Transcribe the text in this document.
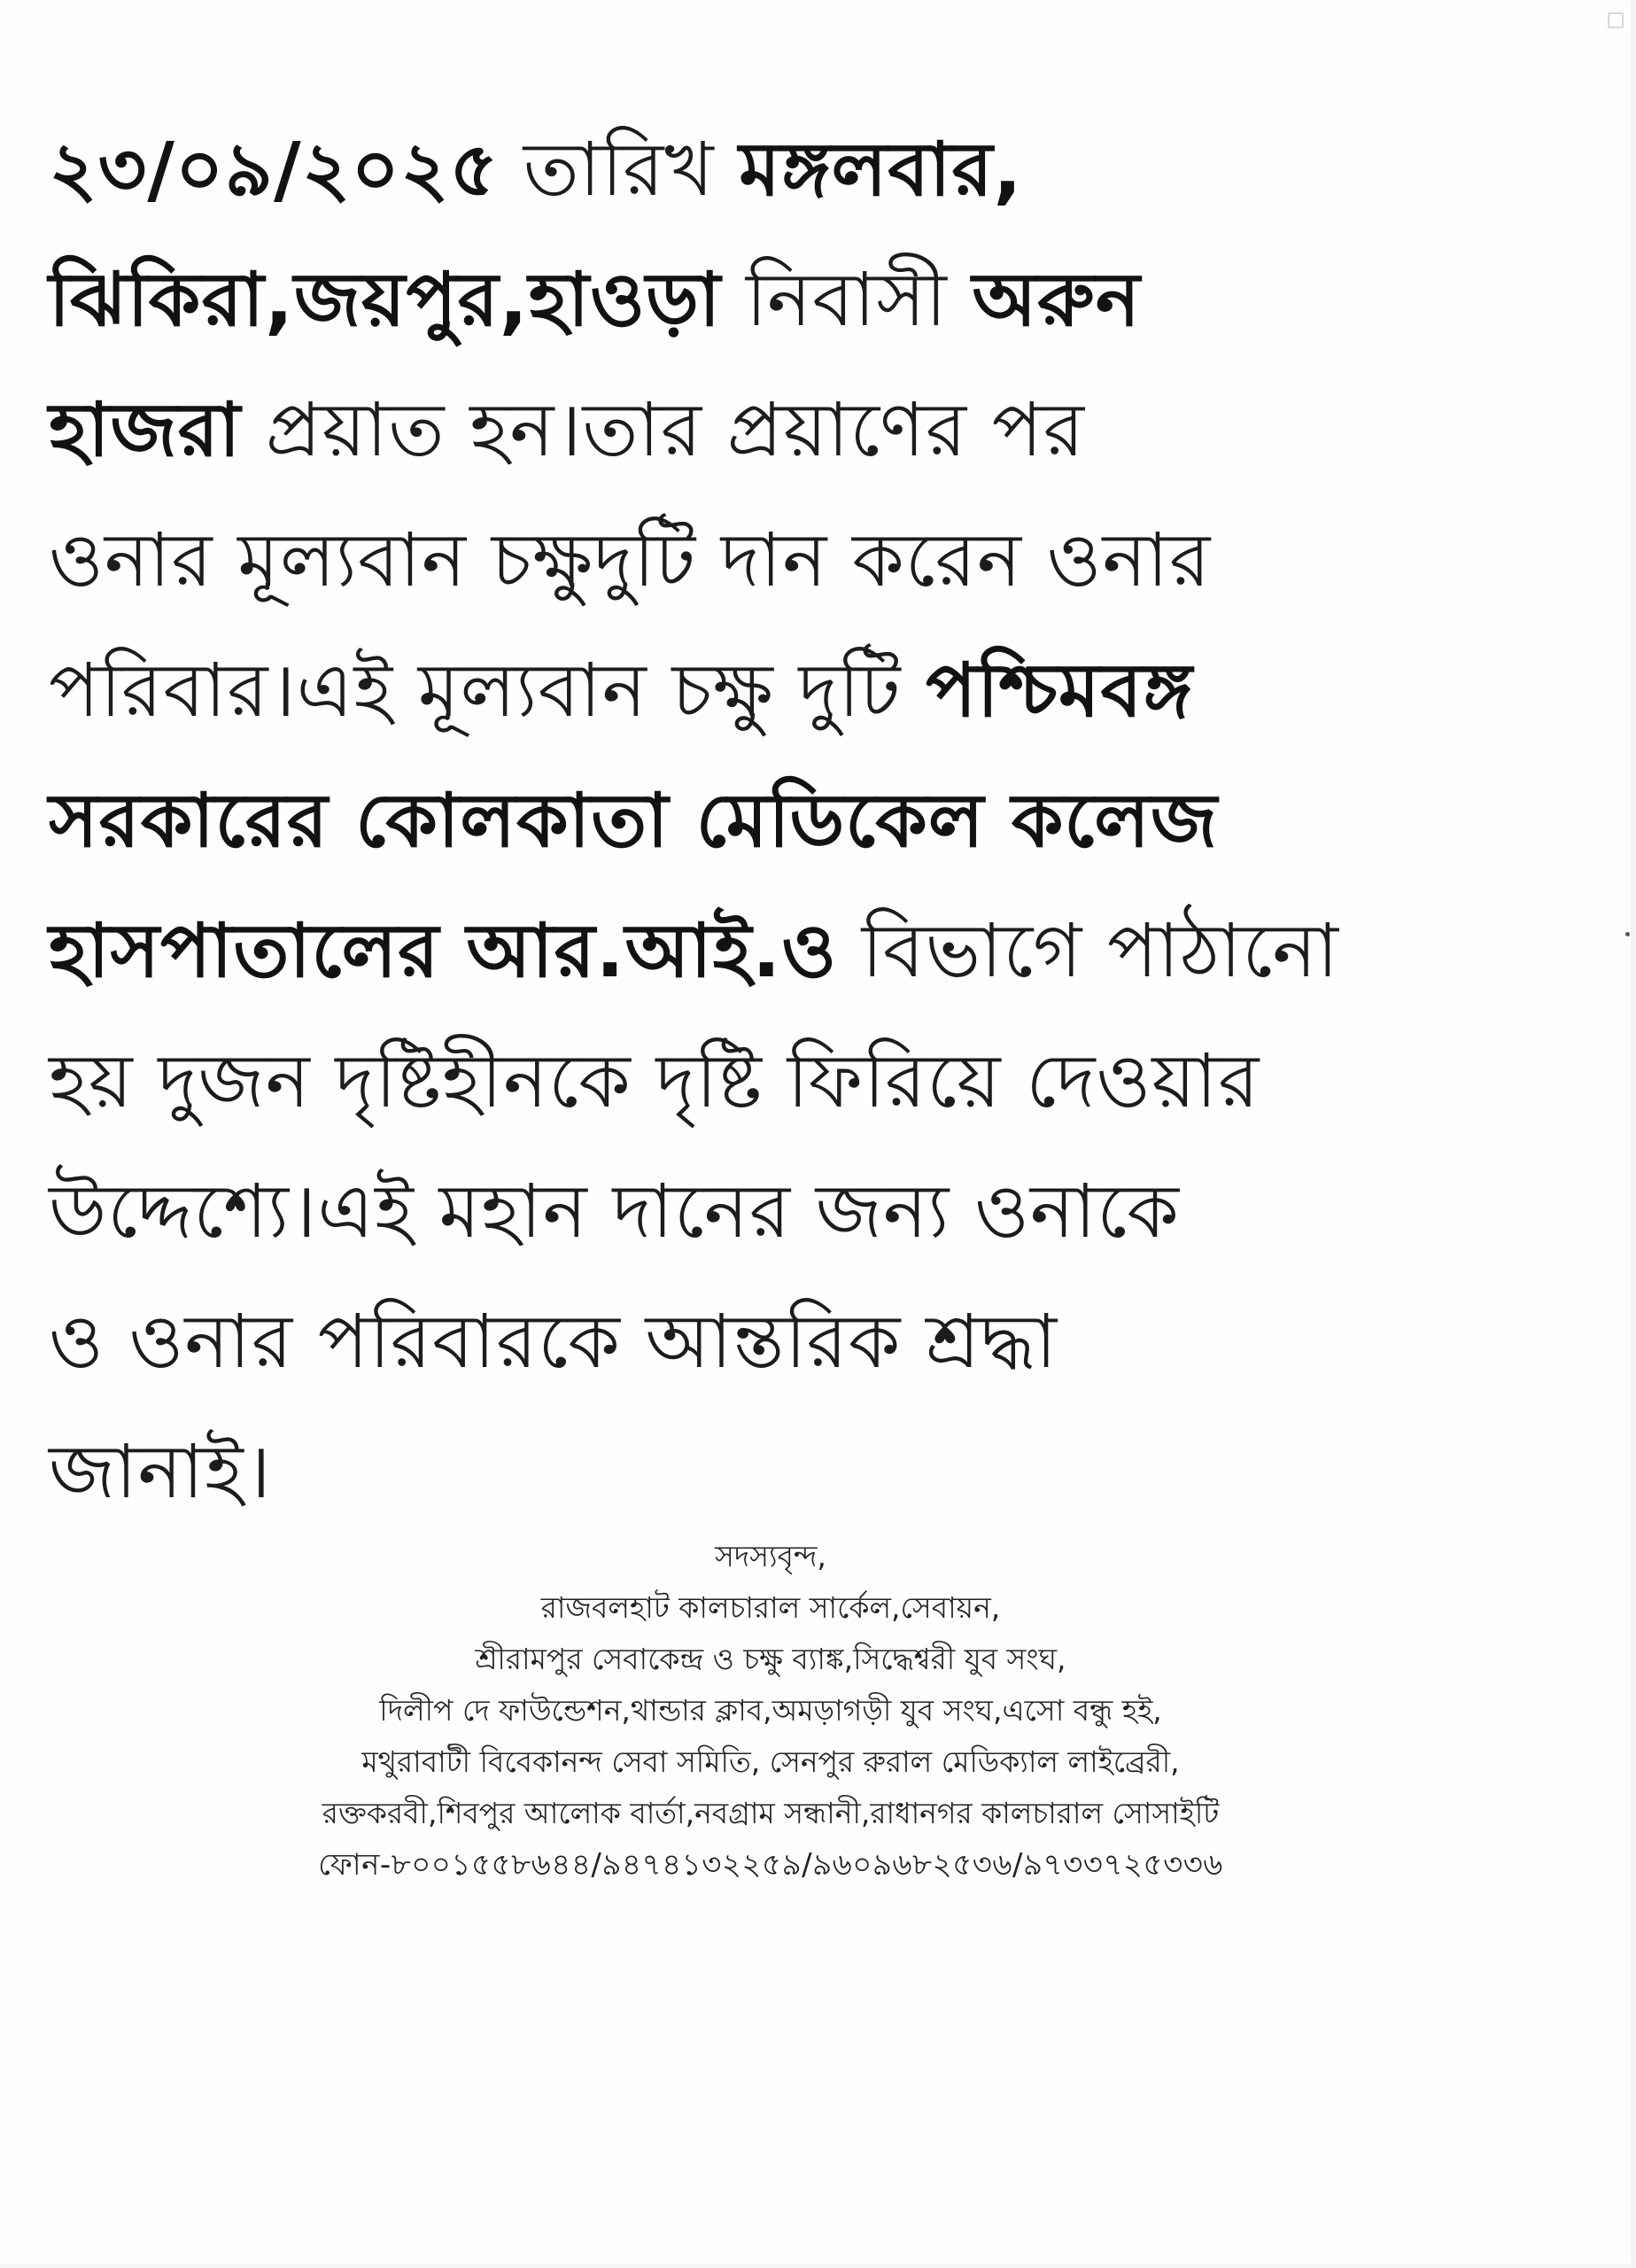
২৩/০৯/২০২৫ তারিখ মঙ্গলবার,
ঝিকিরা,জয়পুর,হাওড়া নিবাসী অরুন
হাজরা প্রয়াত হন।তার প্রয়াণের পর
ওনার মূল্যবান চক্ষুদুটি দান করেন ওনার
পরিবার।এই মূল্যবান চক্ষু দুটি পশ্চিমবঙ্গ
সরকারের কোলকাতা মেডিকেল কলেজ
হাসপাতালের আর.আই.ও বিভাগে পাঠানো
হয় দুজন দৃষ্টিহীনকে দৃষ্টি ফিরিয়ে দেওয়ার
উদ্দেশ্যে।এই মহান দানের জন্য ওনাকে
ও ওনার পরিবারকে আন্তরিক শ্রদ্ধা
জানাই।

সদস্যবৃন্দ,
রাজবলহাট কালচারাল সার্কেল,সেবায়ন,
শ্রীরামপুর সেবাকেন্দ্র ও চক্ষু ব্যাঙ্ক,সিদ্ধেশ্বরী যুব সংঘ,
দিলীপ দে ফাউন্ডেশন,থান্ডার ক্লাব,অমড়াগড়ী যুব সংঘ,এসো বন্ধু হই,
মথুরাবাটী বিবেকানন্দ সেবা সমিতি, সেনপুর রুরাল মেডিক্যাল লাইব্রেরী,
রক্তকরবী,শিবপুর আলোক বার্তা,নবগ্রাম সন্ধানী,রাধানগর কালচারাল সোসাইটি
ফোন-৮০০১৫৫৮৬৪৪/৯৪৭৪১৩২২৫৯/৯৬০৯৬৮২৫৩৬/৯৭৩৩৭২৫৩৩৬
